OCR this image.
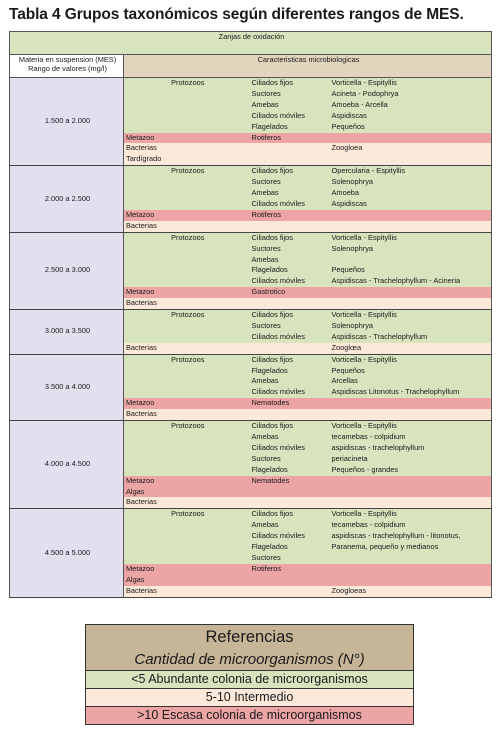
Tabla 4 Grupos taxonómicos según diferentes rangos de MES.
Zanjas de oxidación			

Materia en suspension (MES)
Rango de valores (mg/l)	Caracteristicas microbiologicas		
1.500 a 2.000	Protozoos	Ciliados fijos	Vorticella - Espityllis
		Suctores	Acineta - Podophrya
		Amebas	Amoeba - Arcella
		Ciliados móviles	Aspidiscas
		Flagelados	Pequeños
	Metazoo	Rotiferos	
	Bacterias		Zoogloea
	Tardígrado		
2.000 a 2.500	Protozoos	Ciliados fijos	Opercularia - Espityllis
		Suctores	Solenophrya
		Amebas	Amoeba
		Ciliados móviles	Aspidiscas
	Metazoo	Rotiferos	
	Bacterias		
2.500 a 3.000	Protozoos	Ciliados fijos	Vorticella - Espityllis
		Suctores	Solenophrya
		Amebas	
		Flagelados	Pequeños
		Ciliados móviles	Aspidiscas - Trachelophyllum - Acineria
	Metazoo	Gastrotico	
	Bacterias		
3.000 a 3.500	Protozoos	Ciliados fijos	Vorticella - Espityllis
		Suctores	Solenophrya
		Ciliados móviles	Aspidiscas - Trachelophyllum
	Bacterias		Zooglœa
3.500 a 4.000	Protozoos	Ciliados fijos	Vorticella - Espityllis
		Flagelados	Pequeños
		Amebas	Arcellas
		Ciliados móviles	Aspidiscas Litonotus - Trachelophyllum
	Metazoo	Nematodes	
	Bacterias		
4.000 a 4.500	Protozoos	Ciliados fijos	Vorticella - Espityllis
		Amebas	tecamebas - colpidium
		Ciliados móviles	aspidiscas - trachelophyllum
		Suctores	periacineta
		Flagelados	Pequeños - grandes
	Metazoo	Nematodes	
	Algas		
	Bacterias		
4.500 a 5.000	Protozoos	Ciliados fijos	Vorticella - Espityllis
		Amebas	tecamebas - colpidium
		Ciliados móviles	aspidiscas - trachelophyllum - litonotus,
		Flagelados	Paranema, pequeño y medianos
		Suctores	
	Metazoo	Rotiferos	
	Algas		
	Bacterias		Zoogloeas
Referencias
Cantidad de microorganismos (N°)
<5 Abundante colonia de microorganismos
5-10 Intermedio
>10 Escasa colonia de microorganismos
